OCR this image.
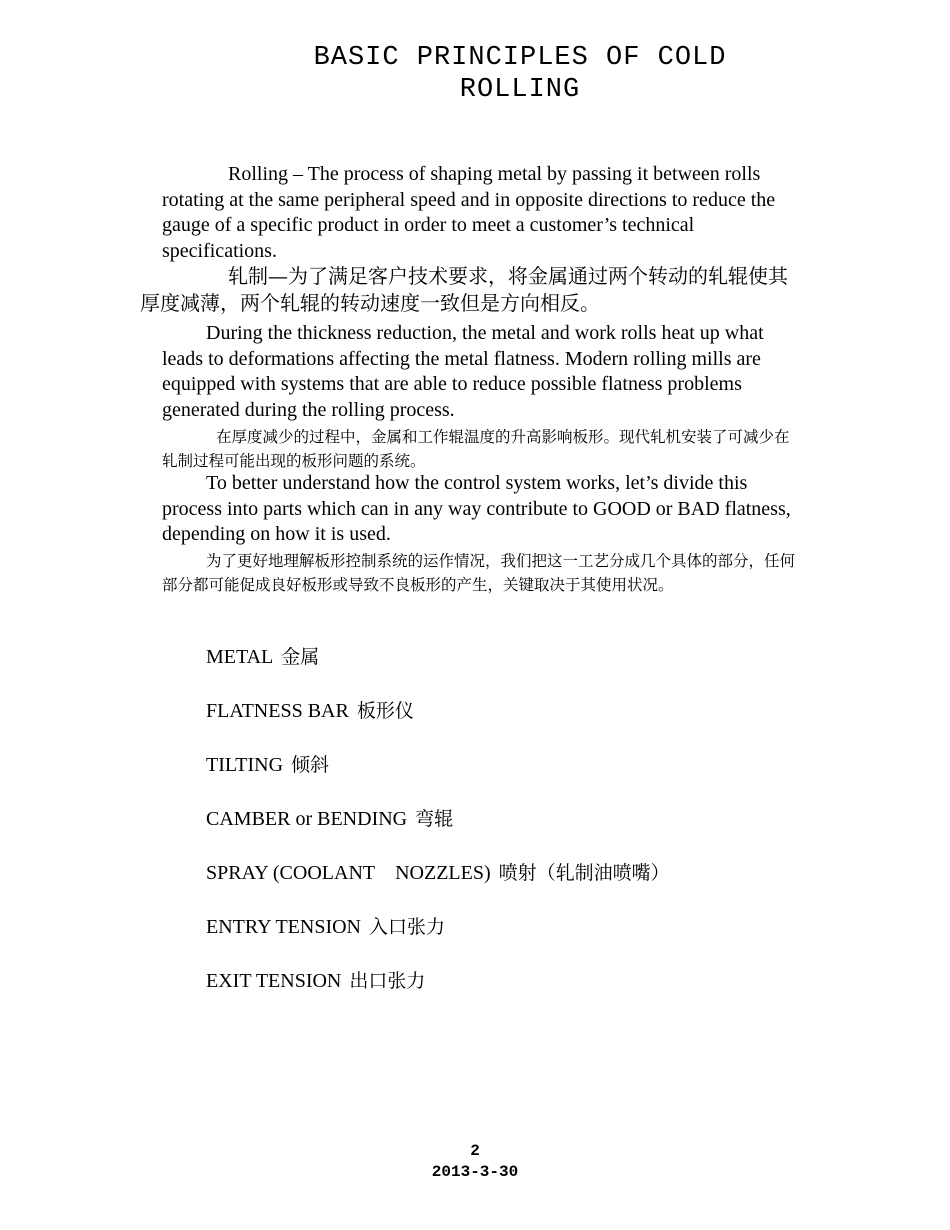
BASIC PRINCIPLES OF COLD
ROLLING
Rolling – The process of shaping metal by passing it between rolls rotating at the same peripheral speed and in opposite directions to reduce the gauge of a specific product in order to meet a customer’s technical specifications.
轧制—为了满足客户技术要求，将金属通过两个转动的轧辊使其厚度减薄，两个轧辊的转动速度一致但是方向相反。
During the thickness reduction, the metal and work rolls heat up what leads to deformations affecting the metal flatness. Modern rolling mills are equipped with systems that are able to reduce possible flatness problems generated during the rolling process.
在厚度减少的过程中，金属和工作辊温度的升高影响板形。现代轧机安装了可减少在轧制过程可能出现的板形问题的系统。
To better understand how the control system works, let’s divide this process into parts which can in any way contribute to GOOD or BAD flatness, depending on how it is used.
为了更好地理解板形控制系统的运作情况，我们把这一工艺分成几个具体的部分，任何部分都可能促成良好板形或导致不良板形的产生，关键取决于其使用状况。
METAL 金属
FLATNESS BAR 板形仪
TILTING 倾斜
CAMBER or BENDING 弯辊
SPRAY (COOLANT    NOZZLES) 喷射（轧制油喷嘴）
ENTRY TENSION 入口张力
EXIT TENSION 出口张力
2
2013-3-30
